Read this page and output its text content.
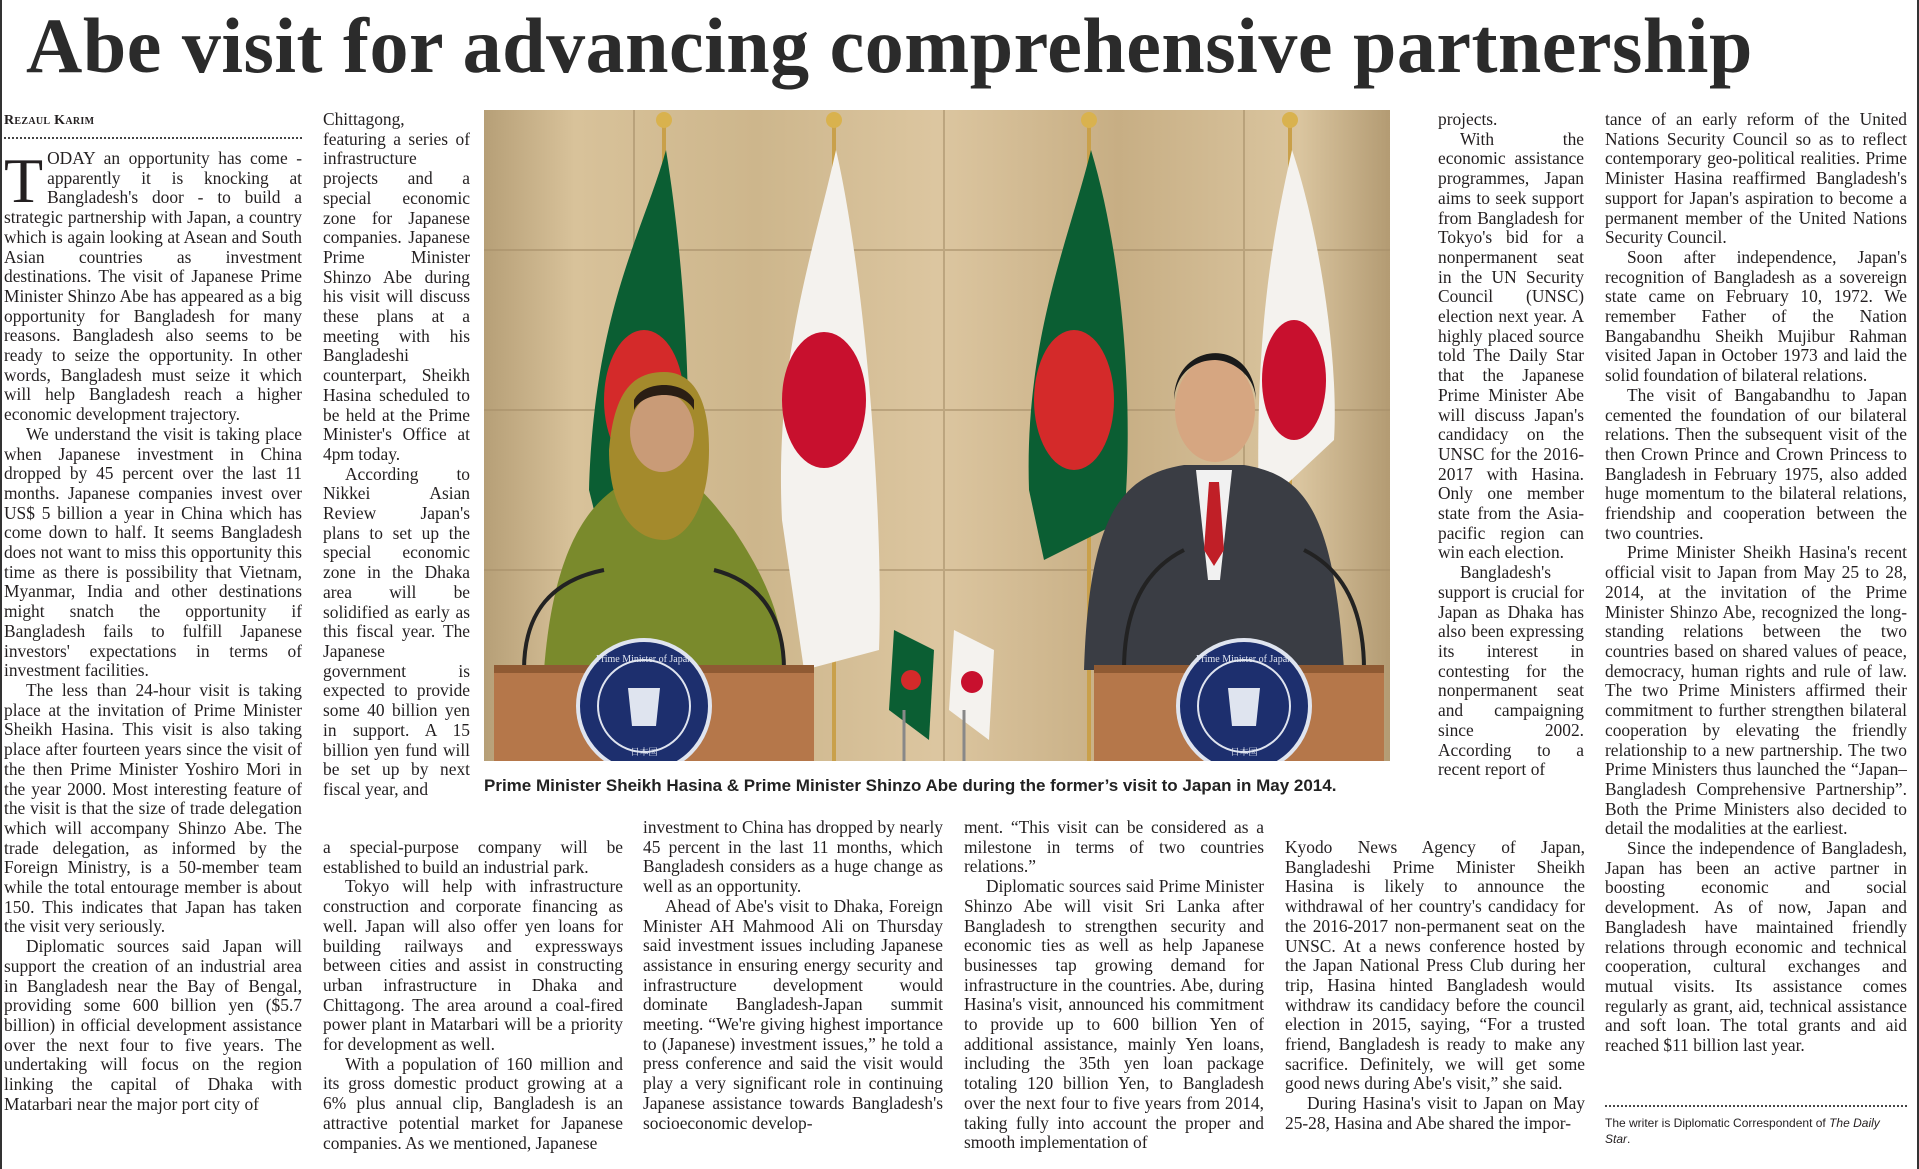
Abe visit for advancing comprehensive partnership
Rezaul Karim

TODAY an opportunity has come - apparently it is knocking at Bangladesh's door - to build a strategic partnership with Japan, a country which is again looking at Asean and South Asian countries as investment destinations. The visit of Japanese Prime Minister Shinzo Abe has appeared as a big opportunity for Bangladesh for many reasons. Bangladesh also seems to be ready to seize the opportunity. In other words, Bangladesh must seize it which will help Bangladesh reach a higher economic development trajectory.

We understand the visit is taking place when Japanese investment in China dropped by 45 percent over the last 11 months. Japanese companies invest over US$ 5 billion a year in China which has come down to half. It seems Bangladesh does not want to miss this opportunity this time as there is possibility that Vietnam, Myanmar, India and other destinations might snatch the opportunity if Bangladesh fails to fulfill Japanese investors' expectations in terms of investment facilities.

The less than 24-hour visit is taking place at the invitation of Prime Minister Sheikh Hasina. This visit is also taking place after fourteen years since the visit of the then Prime Minister Yoshiro Mori in the year 2000. Most interesting feature of the visit is that the size of trade delegation which will accompany Shinzo Abe. The trade delegation, as informed by the Foreign Ministry, is a 50-member team while the total entourage member is about 150. This indicates that Japan has taken the visit very seriously.

Diplomatic sources said Japan will support the creation of an industrial area in Bangladesh near the Bay of Bengal, providing some 600 billion yen ($5.7 billion) in official development assistance over the next four to five years. The undertaking will focus on the region linking the capital of Dhaka with Matarbari near the major port city of

Chittagong, featuring a series of infrastructure projects and a special economic zone for Japanese companies. Japanese Prime Minister Shinzo Abe during his visit will discuss these plans at a meeting with his Bangladeshi counterpart, Sheikh Hasina scheduled to be held at the Prime Minister's Office at 4pm today.

According to Nikkei Asian Review Japan's plans to set up the special economic zone in the Dhaka area will be solidified as early as this fiscal year. The Japanese government is expected to provide some 40 billion yen in support. A 15 billion yen fund will be set up by next fiscal year, and

a special-purpose company will be established to build an industrial park.

Tokyo will help with infrastructure construction and corporate financing as well. Japan will also offer yen loans for building railways and expressways between cities and assist in constructing urban infrastructure in Dhaka and Chittagong. The area around a coal-fired power plant in Matarbari will be a priority for development as well.

With a population of 160 million and its gross domestic product growing at a 6% plus annual clip, Bangladesh is an attractive potential market for Japanese companies. As we mentioned, Japanese

investment to China has dropped by nearly 45 percent in the last 11 months, which Bangladesh considers as a huge change as well as an opportunity.

Ahead of Abe's visit to Dhaka, Foreign Minister AH Mahmood Ali on Thursday said investment issues including Japanese assistance in ensuring energy security and infrastructure development would dominate Bangladesh-Japan summit meeting. “We're giving highest importance to (Japanese) investment issues,” he told a press conference and said the visit would play a very significant role in continuing Japanese assistance towards Bangladesh's socioeconomic develop-

ment. “This visit can be considered as a milestone in terms of two countries relations.”

Diplomatic sources said Prime Minister Shinzo Abe will visit Sri Lanka after Bangladesh to strengthen security and economic ties as well as help Japanese businesses tap growing demand for infrastructure in the countries. Abe, during Hasina's visit, announced his commitment to provide up to 600 billion Yen of additional assistance, mainly Yen loans, including the 35th yen loan package totaling 120 billion Yen, to Bangladesh over the next four to five years from 2014, taking fully into account the proper and smooth implementation of

projects.

With the economic assistance programmes, Japan aims to seek support from Bangladesh for Tokyo's bid for a nonpermanent seat in the UN Security Council (UNSC) election next year. A highly placed source told The Daily Star that the Japanese Prime Minister Abe will discuss Japan's candidacy on the UNSC for the 2016-2017 with Hasina. Only one member state from the Asia-pacific region can win each election.

Bangladesh's support is crucial for Japan as Dhaka has also been expressing its interest in contesting for the nonpermanent seat and campaigning since 2002. According to a recent report of

Kyodo News Agency of Japan, Bangladeshi Prime Minister Sheikh Hasina is likely to announce the withdrawal of her country's candidacy for the 2016-2017 non-permanent seat on the UNSC. At a news conference hosted by the Japan National Press Club during her trip, Hasina hinted Bangladesh would withdraw its candidacy before the council election in 2015, saying, “For a trusted friend, Bangladesh is ready to make any sacrifice. Definitely, we will get some good news during Abe's visit,” she said.

During Hasina's visit to Japan on May 25-28, Hasina and Abe shared the impor-

tance of an early reform of the United Nations Security Council so as to reflect contemporary geo-political realities. Prime Minister Hasina reaffirmed Bangladesh's support for Japan's aspiration to become a permanent member of the United Nations Security Council.

Soon after independence, Japan's recognition of Bangladesh as a sovereign state came on February 10, 1972. We remember Father of the Nation Bangabandhu Sheikh Mujibur Rahman visited Japan in October 1973 and laid the solid foundation of bilateral relations.

The visit of Bangabandhu to Japan cemented the foundation of our bilateral relations. Then the subsequent visit of the then Crown Prince and Crown Princess to Bangladesh in February 1975, also added huge momentum to the bilateral relations, friendship and cooperation between the two countries.

Prime Minister Sheikh Hasina's recent official visit to Japan from May 25 to 28, 2014, at the invitation of the Prime Minister Shinzo Abe, recognized the long-standing relations between the two countries based on shared values of peace, democracy, human rights and rule of law. The two Prime Ministers affirmed their commitment to further strengthen bilateral cooperation by elevating the friendly relationship to a new partnership. The two Prime Ministers thus launched the “Japan–Bangladesh Comprehensive Partnership”. Both the Prime Ministers also decided to detail the modalities at the earliest.

Since the independence of Bangladesh, Japan has been an active partner in boosting economic and social development. As of now, Japan and Bangladesh have maintained friendly relations through economic and technical cooperation, cultural exchanges and mutual visits. Its assistance comes regularly as grant, aid, technical assistance and soft loan. The total grants and aid reached $11 billion last year.

The writer is Diplomatic Correspondent of The Daily Star.
Prime Minister of Japan
日本国
Prime Minister of Japan
日本国
Prime Minister Sheikh Hasina & Prime Minister Shinzo Abe during the former’s visit to Japan in May 2014.
